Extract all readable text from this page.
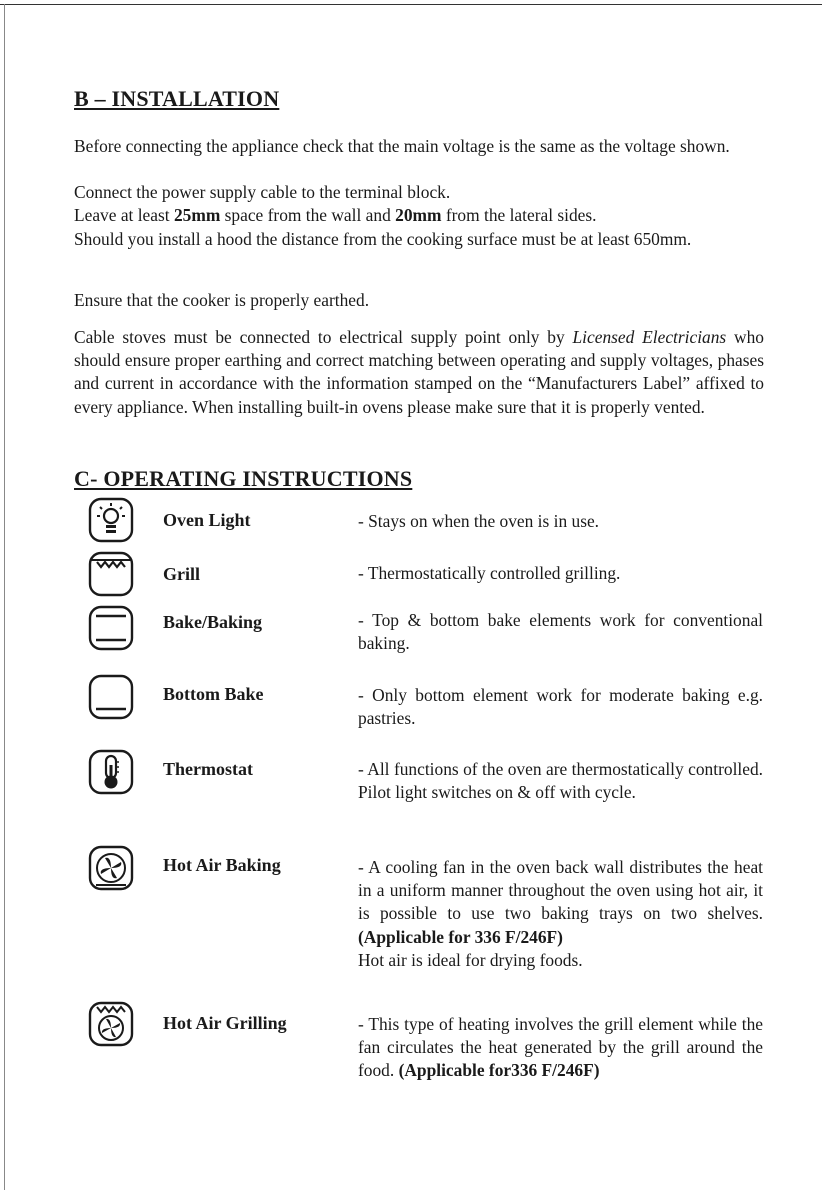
B – INSTALLATION
Before connecting the appliance check that the main voltage is the same as the voltage shown.
Connect the power supply cable to the terminal block.
Leave at least 25mm space from the wall and 20mm from the lateral sides.
Should you install a hood the distance from the cooking surface must be at least 650mm.
Ensure that the cooker is properly earthed.
Cable stoves must be connected to electrical supply point only by Licensed Electricians who should ensure proper earthing and correct matching between operating and supply voltages, phases and current in accordance with the information stamped on the “Manufacturers Label” affixed to every appliance. When installing built-in ovens please make sure that it is properly vented.
C- OPERATING INSTRUCTIONS
Oven Light	- Stays on when the oven is in use.
Grill	- Thermostatically controlled grilling.
Bake/Baking	- Top & bottom bake elements work for conventional baking.
Bottom Bake	- Only bottom element work for moderate baking e.g. pastries.
Thermostat	- All functions of the oven are thermostatically controlled. Pilot light switches on & off with cycle.
Hot Air Baking	- A cooling fan in the oven back wall distributes the heat in a uniform manner throughout the oven using hot air, it is possible to use two baking trays on two shelves. (Applicable for 336 F/246F)
Hot air is ideal for drying foods.
Hot Air Grilling	- This type of heating involves the grill element while the fan circulates the heat generated by the grill around the food. (Applicable for336 F/246F)
